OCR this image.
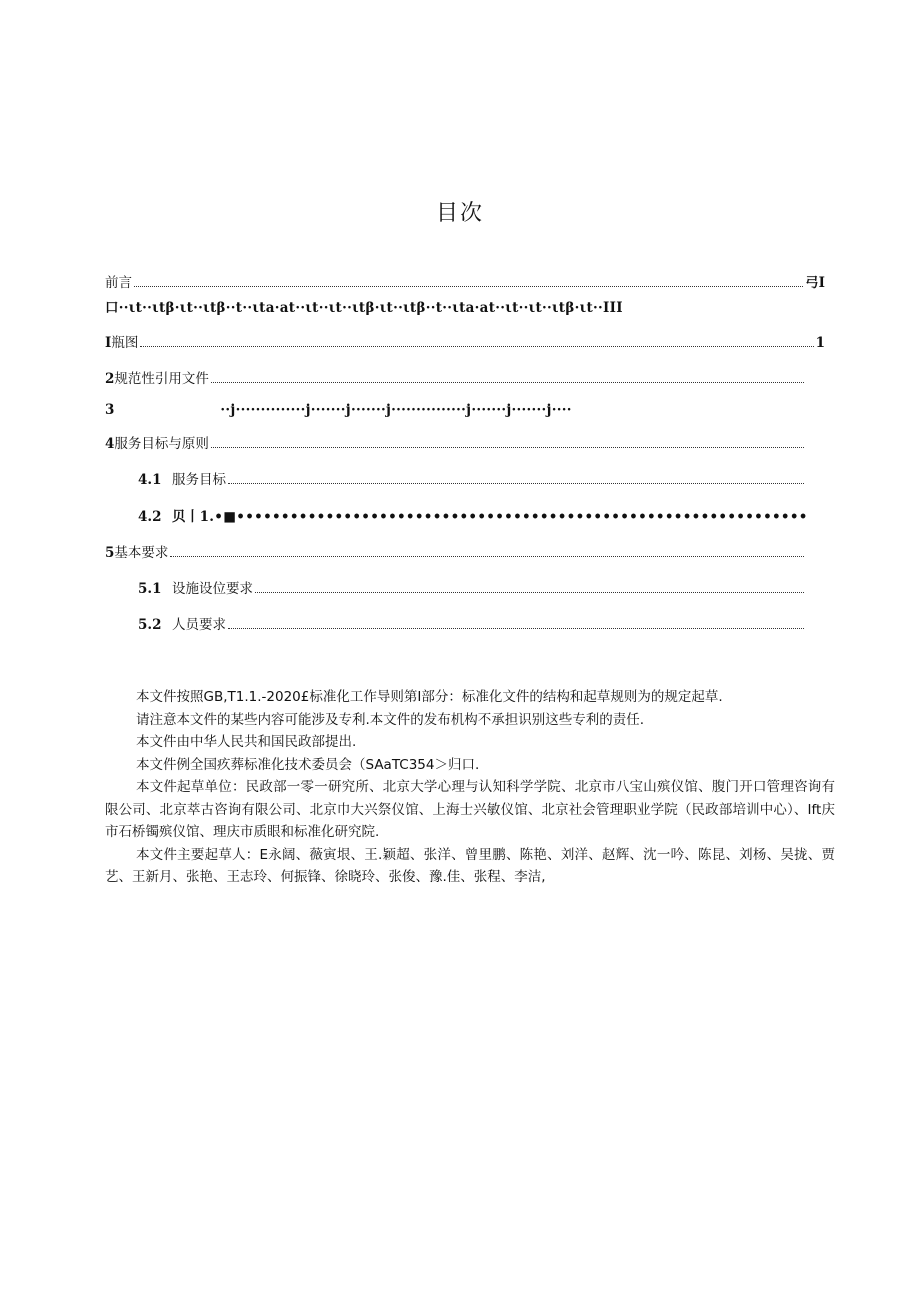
目次
前言	弓I
口··ιt··ιtβ·ιt··ιtβ··t··ιta·at··ιt··ιt··ιtβ·ιt··ιtβ··t··ιta·at··ιt··ιt··ιtβ·ιt··III
I 瓶图	1
2 规范性引用文件
3	··j··············j·······j·······j···············j·······j·······j····
4 服务目标与原则
4.1 服务目标
4.2 贝丨1.•■••••••••••••••••••••••••••••••••••••••••••••••••••••••••••••••••
5 基本要求
5.1 设施设位要求
5.2 人员要求

本文件按照GB,T1.1.-2020£标准化工作导则第I部分：标准化文件的结构和起草规则为的规定起草.

请注意本文件的某些内容可能涉及专利.本文件的发布机构不承担识别这些专利的责任.

本文件由中华人民共和国民政部提出.

本文件例全国疚葬标准化技术委员会（SAaTC354＞归口.

本文件起草单位：民政部一零一研究所、北京大学心理与认知科学学院、北京市八宝山殡仪馆、腹门开口管理咨询有限公司、北京萃古咨询有限公司、北京巾大兴祭仪馆、上海士兴敏仪馆、北京社会管理职业学院（民政部培训中心）、Ift庆市石桥镯殡仪馆、理庆市质眼和标准化研究院.

本文件主要起草人：E永阔、薇寅垠、王.颖超、张洋、曾里鹏、陈艳、刘洋、赵辉、沈一吟、陈昆、刘杨、吴拢、贾艺、王新月、张艳、王志玲、何振锋、徐晓玲、张俊、豫.佳、张程、李洁,
